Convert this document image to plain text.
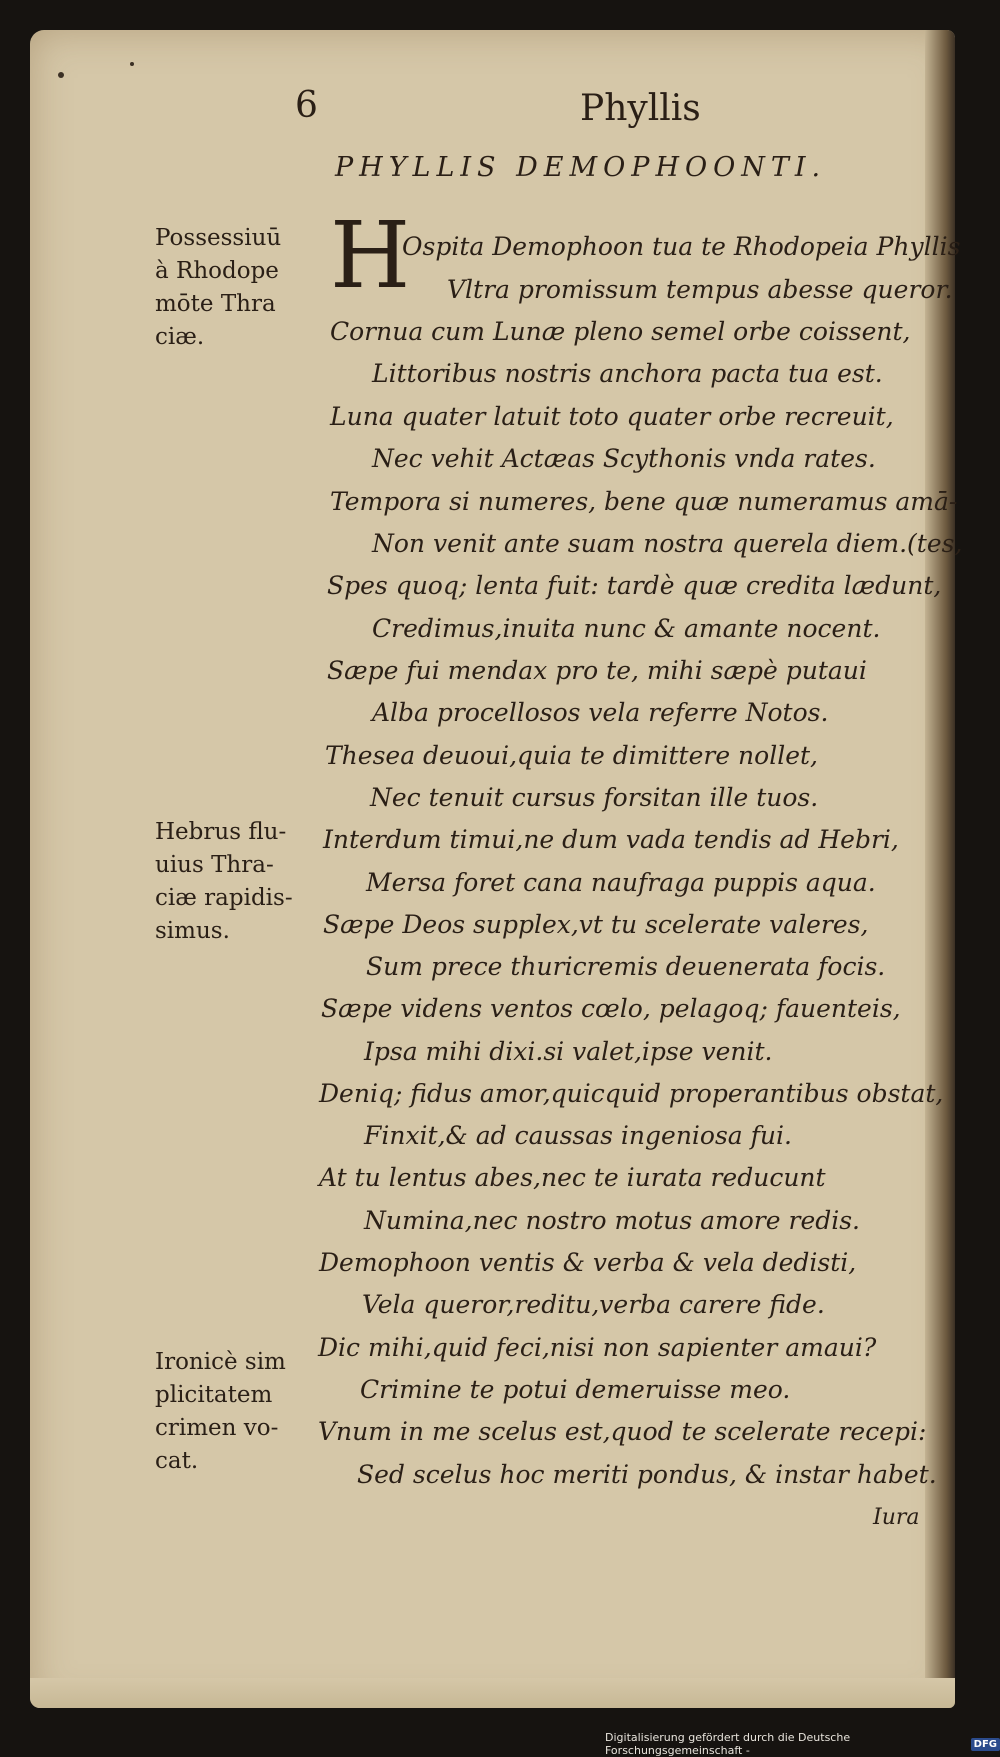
6	Phyllis
PHYLLIS DEMOPHOONTI.
H
Ospita Demophoon tua te Rhodopeia Phyllis
Vltra promissum tempus abesse queror.
Cornua cum Lunæ pleno semel orbe coissent,
Littoribus nostris anchora pacta tua est.
Luna quater latuit toto quater orbe recreuit,
Nec vehit Actæas Scythonis vnda rates.
Tempora si numeres, bene quæ numeramus amā-
Non venit ante suam nostra querela diem.(tes,
Spes quoq; lenta fuit: tardè quæ credita lædunt,
Credimus,inuita nunc & amante nocent.
Sæpe fui mendax pro te, mihi sæpè putaui
Alba procellosos vela referre Notos.
Thesea deuoui,quia te dimittere nollet,
Nec tenuit cursus forsitan ille tuos.
Interdum timui,ne dum vada tendis ad Hebri,
Mersa foret cana naufraga puppis aqua.
Sæpe Deos supplex,vt tu scelerate valeres,
Sum prece thuricremis deuenerata focis.
Sæpe videns ventos cœlo, pelagoq; fauenteis,
Ipsa mihi dixi.si valet,ipse venit.
Deniq; fidus amor,quicquid properantibus obstat,
Finxit,& ad caussas ingeniosa fui.
At tu lentus abes,nec te iurata reducunt
Numina,nec nostro motus amore redis.
Demophoon ventis & verba & vela dedisti,
Vela queror,reditu,verba carere fide.
Dic mihi,quid feci,nisi non sapienter amaui?
Crimine te potui demeruisse meo.
Vnum in me scelus est,quod te scelerate recepi:
Sed scelus hoc meriti pondus, & instar habet.
Possessiuū
à Rhodope
mōte Thra
ciæ.
Hebrus flu-
uius Thra-
ciæ rapidis-
simus.
Ironicè sim
plicitatem
crimen vo-
cat.
Iura
Digitalisierung gefördert durch die Deutsche Forschungsgemeinschaft -	DFG
